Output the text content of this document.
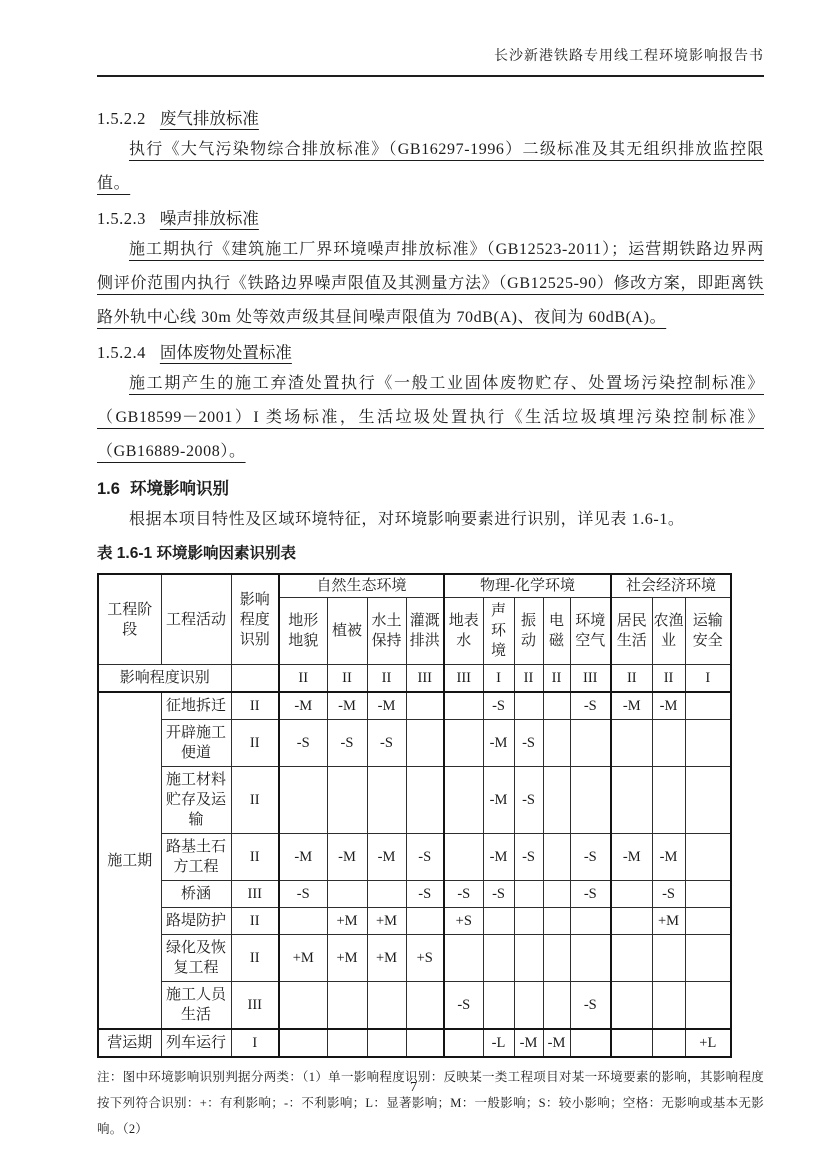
长沙新港铁路专用线工程环境影响报告书
1.5.2.2 废气排放标准

执行《大气污染物综合排放标准》（GB16297-1996）二级标准及其无组织排放监控限值。

1.5.2.3 噪声排放标准

施工期执行《建筑施工厂界环境噪声排放标准》（GB12523-2011）；运营期铁路边界两侧评价范围内执行《铁路边界噪声限值及其测量方法》（GB12525-90）修改方案，即距离铁路外轨中心线 30m 处等效声级其昼间噪声限值为 70dB(A)、夜间为 60dB(A)。

1.5.2.4 固体废物处置标准

施工期产生的施工弃渣处置执行《一般工业固体废物贮存、处置场污染控制标准》（GB18599－2001）I 类场标准，生活垃圾处置执行《生活垃圾填埋污染控制标准》（GB16889-2008）。

1.6 环境影响识别

根据本项目特性及区域环境特征，对环境影响要素进行识别，详见表 1.6-1。

表 1.6-1 环境影响因素识别表
工程阶段	工程活动	影响程度识别	自然生态环境				物理-化学环境					社会经济环境		
			地形地貌	植被	水土保持	灌溉排洪	地表水	声环境	振动	电磁	环境空气	居民生活	农渔业	运输安全
影响程度识别			II	II	II	III	III	I	II	II	III	II	II	I
施工期	征地拆迁	II	-M	-M	-M			-S			-S	-M	-M	
	开辟施工便道	II	-S	-S	-S			-M	-S					
	施工材料贮存及运输	II						-M	-S					
	路基土石方工程	II	-M	-M	-M	-S		-M	-S		-S	-M	-M	
	桥涵	III	-S			-S	-S	-S			-S		-S	
	路堤防护	II		+M	+M		+S						+M	
	绿化及恢复工程	II	+M	+M	+M	+S								
	施工人员生活	III					-S				-S			
营运期	列车运行	I						-L	-M	-M				+L

注：图中环境影响识别判据分两类：（1）单一影响程度识别：反映某一类工程项目对某一环境要素的影响，其影响程度按下列符合识别：+：有利影响；-：不利影响；L：显著影响；M：一般影响；S：较小影响；空格：无影响或基本无影响。（2）

7
